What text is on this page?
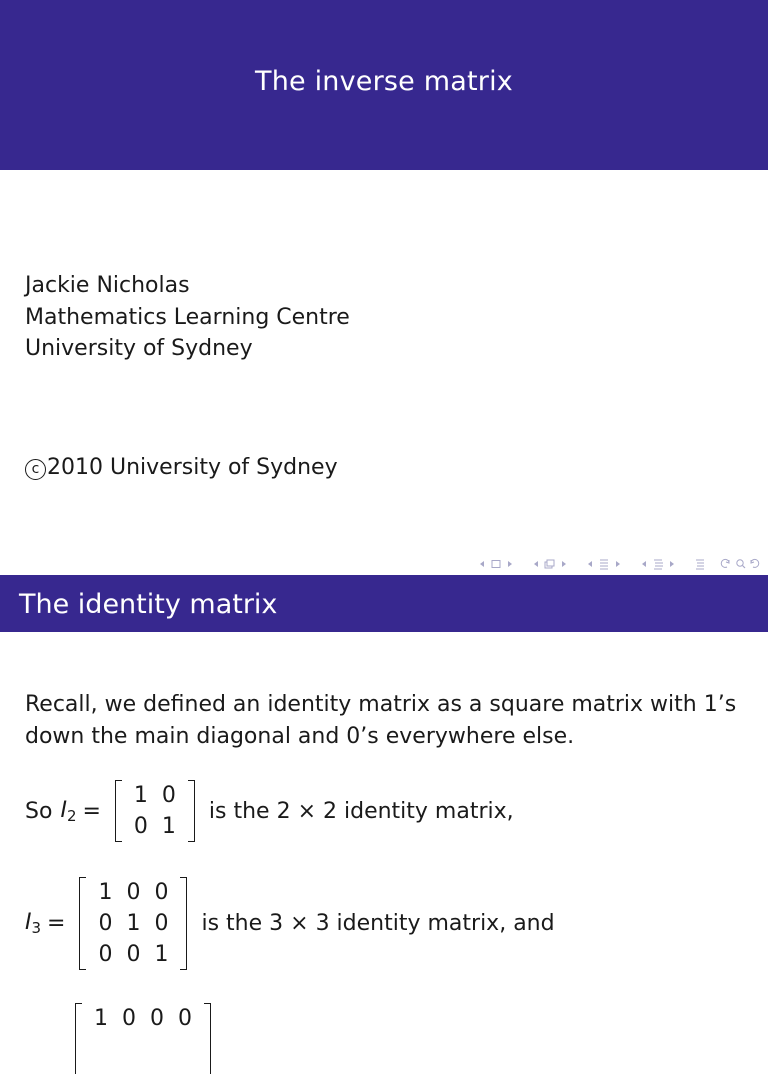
The inverse matrix
Jackie Nicholas
Mathematics Learning Centre
University of Sydney
c 2010 University of Sydney
The identity matrix
Recall, we defined an identity matrix as a square matrix with 1’s down the main diagonal and 0’s everywhere else.
So $I_2$ =
1	0
0	1
is the 2 × 2 identity matrix,
$I_3$ =
1	0	0
0	1	0
0	0	1
is the 3 × 3 identity matrix, and
1	0	0	0
